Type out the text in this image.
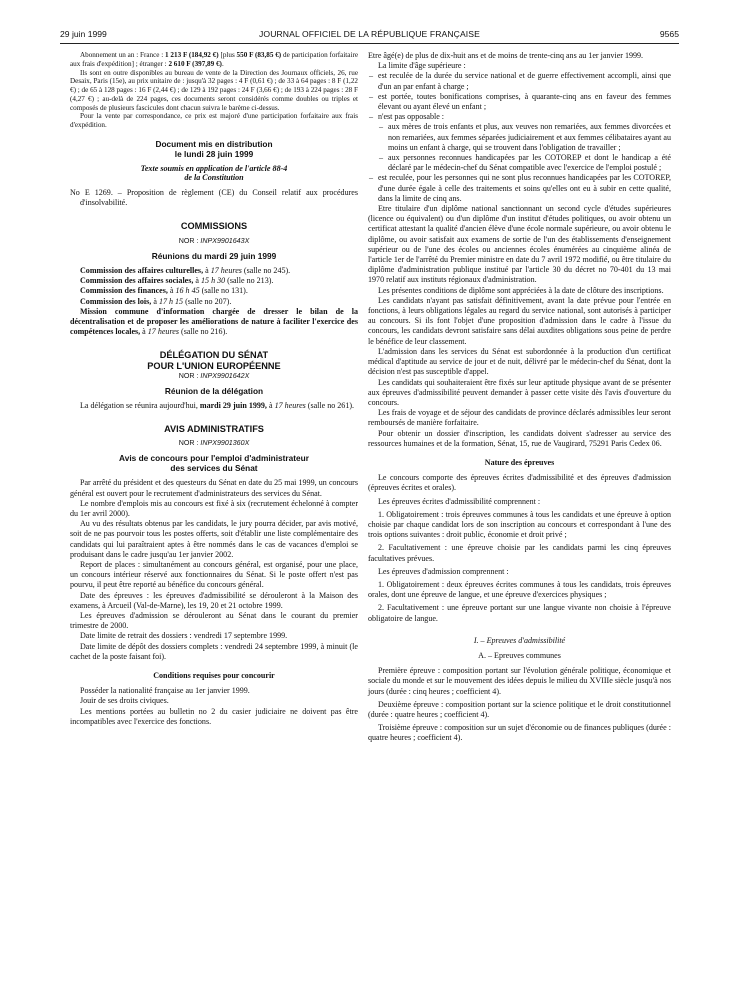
29 juin 1999	JOURNAL OFFICIEL DE LA RÉPUBLIQUE FRANÇAISE	9565

Abonnement un an : France : 1 213 F (184,92 €) [plus 550 F (83,85 €) de participation forfaitaire aux frais d'expédition] ; étranger : 2 610 F (397,89 €).

Ils sont en outre disponibles au bureau de vente de la Direction des Journaux officiels, 26, rue Desaix, Paris (15e), au prix unitaire de : jusqu'à 32 pages : 4 F (0,61 €) ; de 33 à 64 pages : 8 F (1,22 €) ; de 65 à 128 pages : 16 F (2,44 €) ; de 129 à 192 pages : 24 F (3,66 €) ; de 193 à 224 pages : 28 F (4,27 €) ; au-delà de 224 pages, ces documents seront considérés comme doubles ou triples et composés de plusieurs fascicules dont chacun suivra le barème ci-dessus.

Pour la vente par correspondance, ce prix est majoré d'une participation forfaitaire aux frais d'expédition.

Document mis en distribution
le lundi 28 juin 1999
Texte soumis en application de l'article 88-4
de la Constitution

No E 1269. – Proposition de règlement (CE) du Conseil relatif aux procédures d'insolvabilité.

COMMISSIONS
NOR : INPX9901643X
Réunions du mardi 29 juin 1999

Commission des affaires culturelles, à 17 heures (salle no 245).

Commission des affaires sociales, à 15 h 30 (salle no 213).

Commission des finances, à 16 h 45 (salle no 131).

Commission des lois, à 17 h 15 (salle no 207).

Mission commune d'information chargée de dresser le bilan de la décentralisation et de proposer les améliorations de nature à faciliter l'exercice des compétences locales, à 17 heures (salle no 216).

DÉLÉGATION DU SÉNAT
POUR L'UNION EUROPÉENNE
NOR : INPX9901642X
Réunion de la délégation

La délégation se réunira aujourd'hui, mardi 29 juin 1999, à 17 heures (salle no 261).

AVIS ADMINISTRATIFS
NOR : INPX9901360X
Avis de concours pour l'emploi d'administrateur
des services du Sénat

Par arrêté du président et des questeurs du Sénat en date du 25 mai 1999, un concours général est ouvert pour le recrutement d'administrateurs des services du Sénat.

Le nombre d'emplois mis au concours est fixé à six (recrutement échelonné à compter du 1er avril 2000).

Au vu des résultats obtenus par les candidats, le jury pourra décider, par avis motivé, soit de ne pas pourvoir tous les postes offerts, soit d'établir une liste complémentaire des candidats qui lui paraîtraient aptes à être nommés dans le cas de vacances d'emploi se produisant dans le cadre jusqu'au 1er janvier 2002.

Report de places : simultanément au concours général, est organisé, pour une place, un concours intérieur réservé aux fonctionnaires du Sénat. Si le poste offert n'est pas pourvu, il peut être reporté au bénéfice du concours général.

Date des épreuves : les épreuves d'admissibilité se dérouleront à la Maison des examens, à Arcueil (Val-de-Marne), les 19, 20 et 21 octobre 1999.

Les épreuves d'admission se dérouleront au Sénat dans le courant du premier trimestre de 2000.

Date limite de retrait des dossiers : vendredi 17 septembre 1999.

Date limite de dépôt des dossiers complets : vendredi 24 septembre 1999, à minuit (le cachet de la poste faisant foi).

Conditions requises pour concourir

Posséder la nationalité française au 1er janvier 1999.

Jouir de ses droits civiques.

Les mentions portées au bulletin no 2 du casier judiciaire ne doivent pas être incompatibles avec l'exercice des fonctions.

Etre âgé(e) de plus de dix-huit ans et de moins de trente-cinq ans au 1er janvier 1999.

La limite d'âge supérieure :

– est reculée de la durée du service national et de guerre effectivement accompli, ainsi que d'un an par enfant à charge ;
– est portée, toutes bonifications comprises, à quarante-cinq ans en faveur des femmes élevant ou ayant élevé un enfant ;
– n'est pas opposable :
– aux mères de trois enfants et plus, aux veuves non remariées, aux femmes divorcées et non remariées, aux femmes séparées judiciairement et aux femmes célibataires ayant au moins un enfant à charge, qui se trouvent dans l'obligation de travailler ;
– aux personnes reconnues handicapées par les COTOREP et dont le handicap a été déclaré par le médecin-chef du Sénat compatible avec l'exercice de l'emploi postulé ;
– est reculée, pour les personnes qui ne sont plus reconnues handicapées par les COTOREP, d'une durée égale à celle des traitements et soins qu'elles ont eu à subir en cette qualité, dans la limite de cinq ans.

Etre titulaire d'un diplôme national sanctionnant un second cycle d'études supérieures (licence ou équivalent) ou d'un diplôme d'un institut d'études politiques, ou avoir obtenu un certificat attestant la qualité d'ancien élève d'une école normale supérieure, ou avoir obtenu le diplôme, ou avoir satisfait aux examens de sortie de l'un des établissements d'enseignement supérieur ou de l'une des écoles ou anciennes écoles énumérées au cinquième alinéa de l'article 1er de l'arrêté du Premier ministre en date du 7 avril 1972 modifié, ou être titulaire du diplôme d'administration publique institué par l'article 30 du décret no 70-401 du 13 mai 1970 relatif aux instituts régionaux d'administration.

Les présentes conditions de diplôme sont appréciées à la date de clôture des inscriptions.

Les candidats n'ayant pas satisfait définitivement, avant la date prévue pour l'entrée en fonctions, à leurs obligations légales au regard du service national, sont autorisés à participer au concours. Si ils font l'objet d'une proposition d'admission dans le cadre à l'issue du concours, les candidats devront satisfaire sans délai auxdites obligations sous peine de perdre le bénéfice de leur classement.

L'admission dans les services du Sénat est subordonnée à la production d'un certificat médical d'aptitude au service de jour et de nuit, délivré par le médecin-chef du Sénat, dont la décision n'est pas susceptible d'appel.

Les candidats qui souhaiteraient être fixés sur leur aptitude physique avant de se présenter aux épreuves d'admissibilité peuvent demander à passer cette visite dès l'avis d'ouverture du concours.

Les frais de voyage et de séjour des candidats de province déclarés admissibles leur seront remboursés de manière forfaitaire.

Pour obtenir un dossier d'inscription, les candidats doivent s'adresser au service des ressources humaines et de la formation, Sénat, 15, rue de Vaugirard, 75291 Paris Cedex 06.

Nature des épreuves

Le concours comporte des épreuves écrites d'admissibilité et des épreuves d'admission (épreuves écrites et orales).

Les épreuves écrites d'admissibilité comprennent :

1. Obligatoirement : trois épreuves communes à tous les candidats et une épreuve à option choisie par chaque candidat lors de son inscription au concours et correspondant à l'une des trois options suivantes : droit public, économie et droit privé ;

2. Facultativement : une épreuve choisie par les candidats parmi les cinq épreuves facultatives prévues.

Les épreuves d'admission comprennent :

1. Obligatoirement : deux épreuves écrites communes à tous les candidats, trois épreuves orales, dont une épreuve de langue, et une épreuve d'exercices physiques ;

2. Facultativement : une épreuve portant sur une langue vivante non choisie à l'épreuve obligatoire de langue.

I. – Epreuves d'admissibilité
A. – Epreuves communes

Première épreuve : composition portant sur l'évolution générale politique, économique et sociale du monde et sur le mouvement des idées depuis le milieu du XVIIIe siècle jusqu'à nos jours (durée : cinq heures ; coefficient 4).

Deuxième épreuve : composition portant sur la science politique et le droit constitutionnel (durée : quatre heures ; coefficient 4).

Troisième épreuve : composition sur un sujet d'économie ou de finances publiques (durée : quatre heures ; coefficient 4).
